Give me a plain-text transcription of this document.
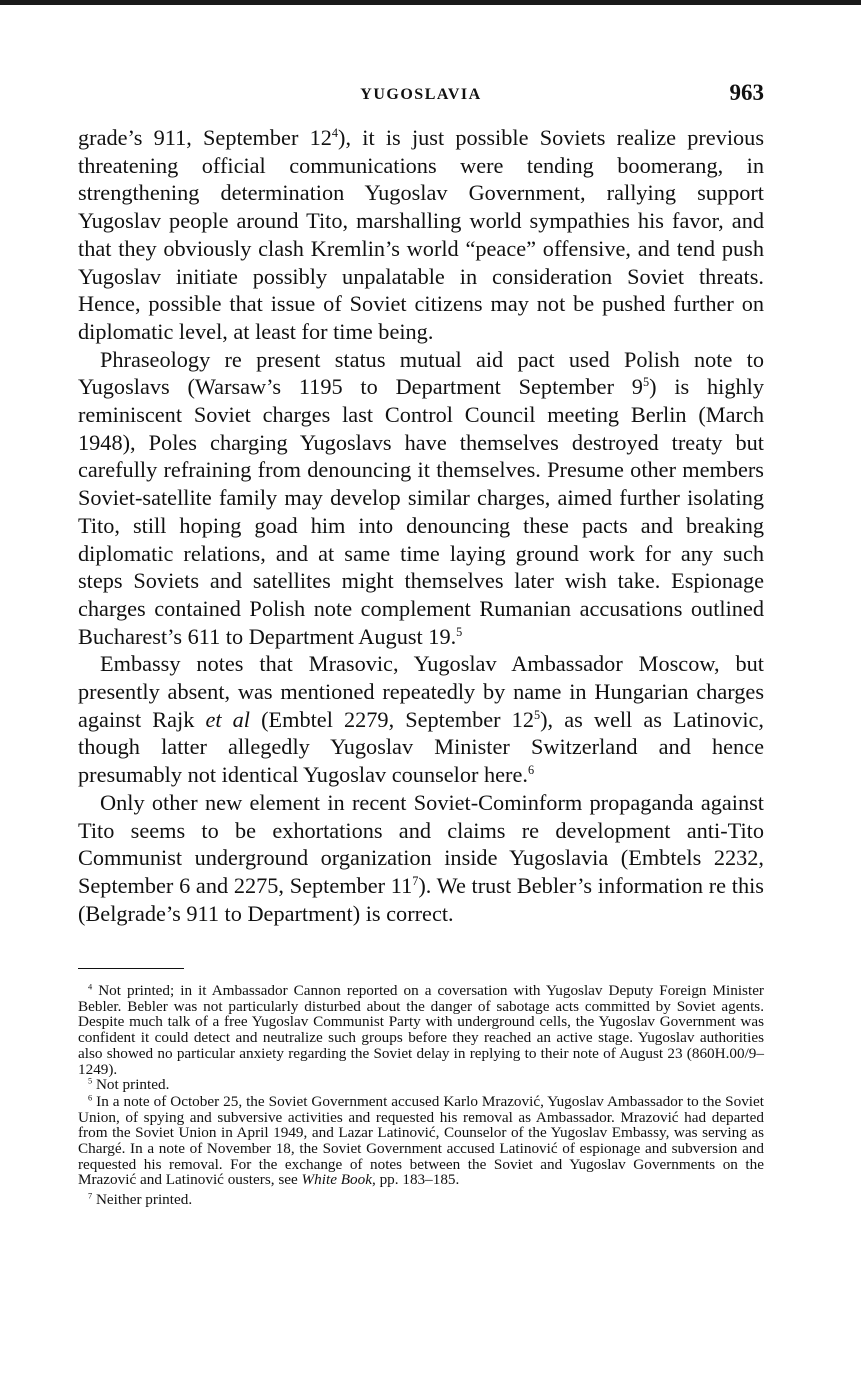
YUGOSLAVIA	963

grade’s 911, September $12^4$), it is just possible Soviets realize previous threatening official communications were tending boomerang, in strengthening determination Yugoslav Government, rallying support Yugoslav people around Tito, marshalling world sympathies his favor, and that they obviously clash Kremlin’s world “peace” offensive, and tend push Yugoslav initiate possibly unpalatable in consideration Soviet threats. Hence, possible that issue of Soviet citizens may not be pushed further on diplomatic level, at least for time being.

Phraseology re present status mutual aid pact used Polish note to Yugoslavs (Warsaw’s 1195 to Department September $9^5$) is highly reminiscent Soviet charges last Control Council meeting Berlin (March 1948), Poles charging Yugoslavs have themselves destroyed treaty but carefully refraining from denouncing it themselves. Presume other members Soviet-satellite family may develop similar charges, aimed further isolating Tito, still hoping goad him into denouncing these pacts and breaking diplomatic relations, and at same time laying ground work for any such steps Soviets and satellites might themselves later wish take. Espionage charges contained Polish note complement Rumanian accusations outlined Bucharest’s 611 to Department August 19.$^5$

Embassy notes that Mrasovic, Yugoslav Ambassador Moscow, but presently absent, was mentioned repeatedly by name in Hungarian charges against Rajk et al (Embtel 2279, September $12^5$), as well as Latinovic, though latter allegedly Yugoslav Minister Switzerland and hence presumably not identical Yugoslav counselor here.$^6$

Only other new element in recent Soviet-Cominform propaganda against Tito seems to be exhortations and claims re development anti-Tito Communist underground organization inside Yugoslavia (Embtels 2232, September 6 and 2275, September $11^7$). We trust Bebler’s information re this (Belgrade’s 911 to Department) is correct.

$^4$ Not printed; in it Ambassador Cannon reported on a coversation with Yugoslav Deputy Foreign Minister Bebler. Bebler was not particularly disturbed about the danger of sabotage acts committed by Soviet agents. Despite much talk of a free Yugoslav Communist Party with underground cells, the Yugoslav Government was confident it could detect and neutralize such groups before they reached an active stage. Yugoslav authorities also showed no particular anxiety regarding the Soviet delay in replying to their note of August 23 (860H.00/9–1249).

$^5$ Not printed.

$^6$ In a note of October 25, the Soviet Government accused Karlo Mrazović, Yugoslav Ambassador to the Soviet Union, of spying and subversive activities and requested his removal as Ambassador. Mrazović had departed from the Soviet Union in April 1949, and Lazar Latinović, Counselor of the Yugoslav Embassy, was serving as Chargé. In a note of November 18, the Soviet Government accused Latinović of espionage and subversion and requested his removal. For the exchange of notes between the Soviet and Yugoslav Governments on the Mrazović and Latinović ousters, see White Book, pp. 183–185.

$^7$ Neither printed.
